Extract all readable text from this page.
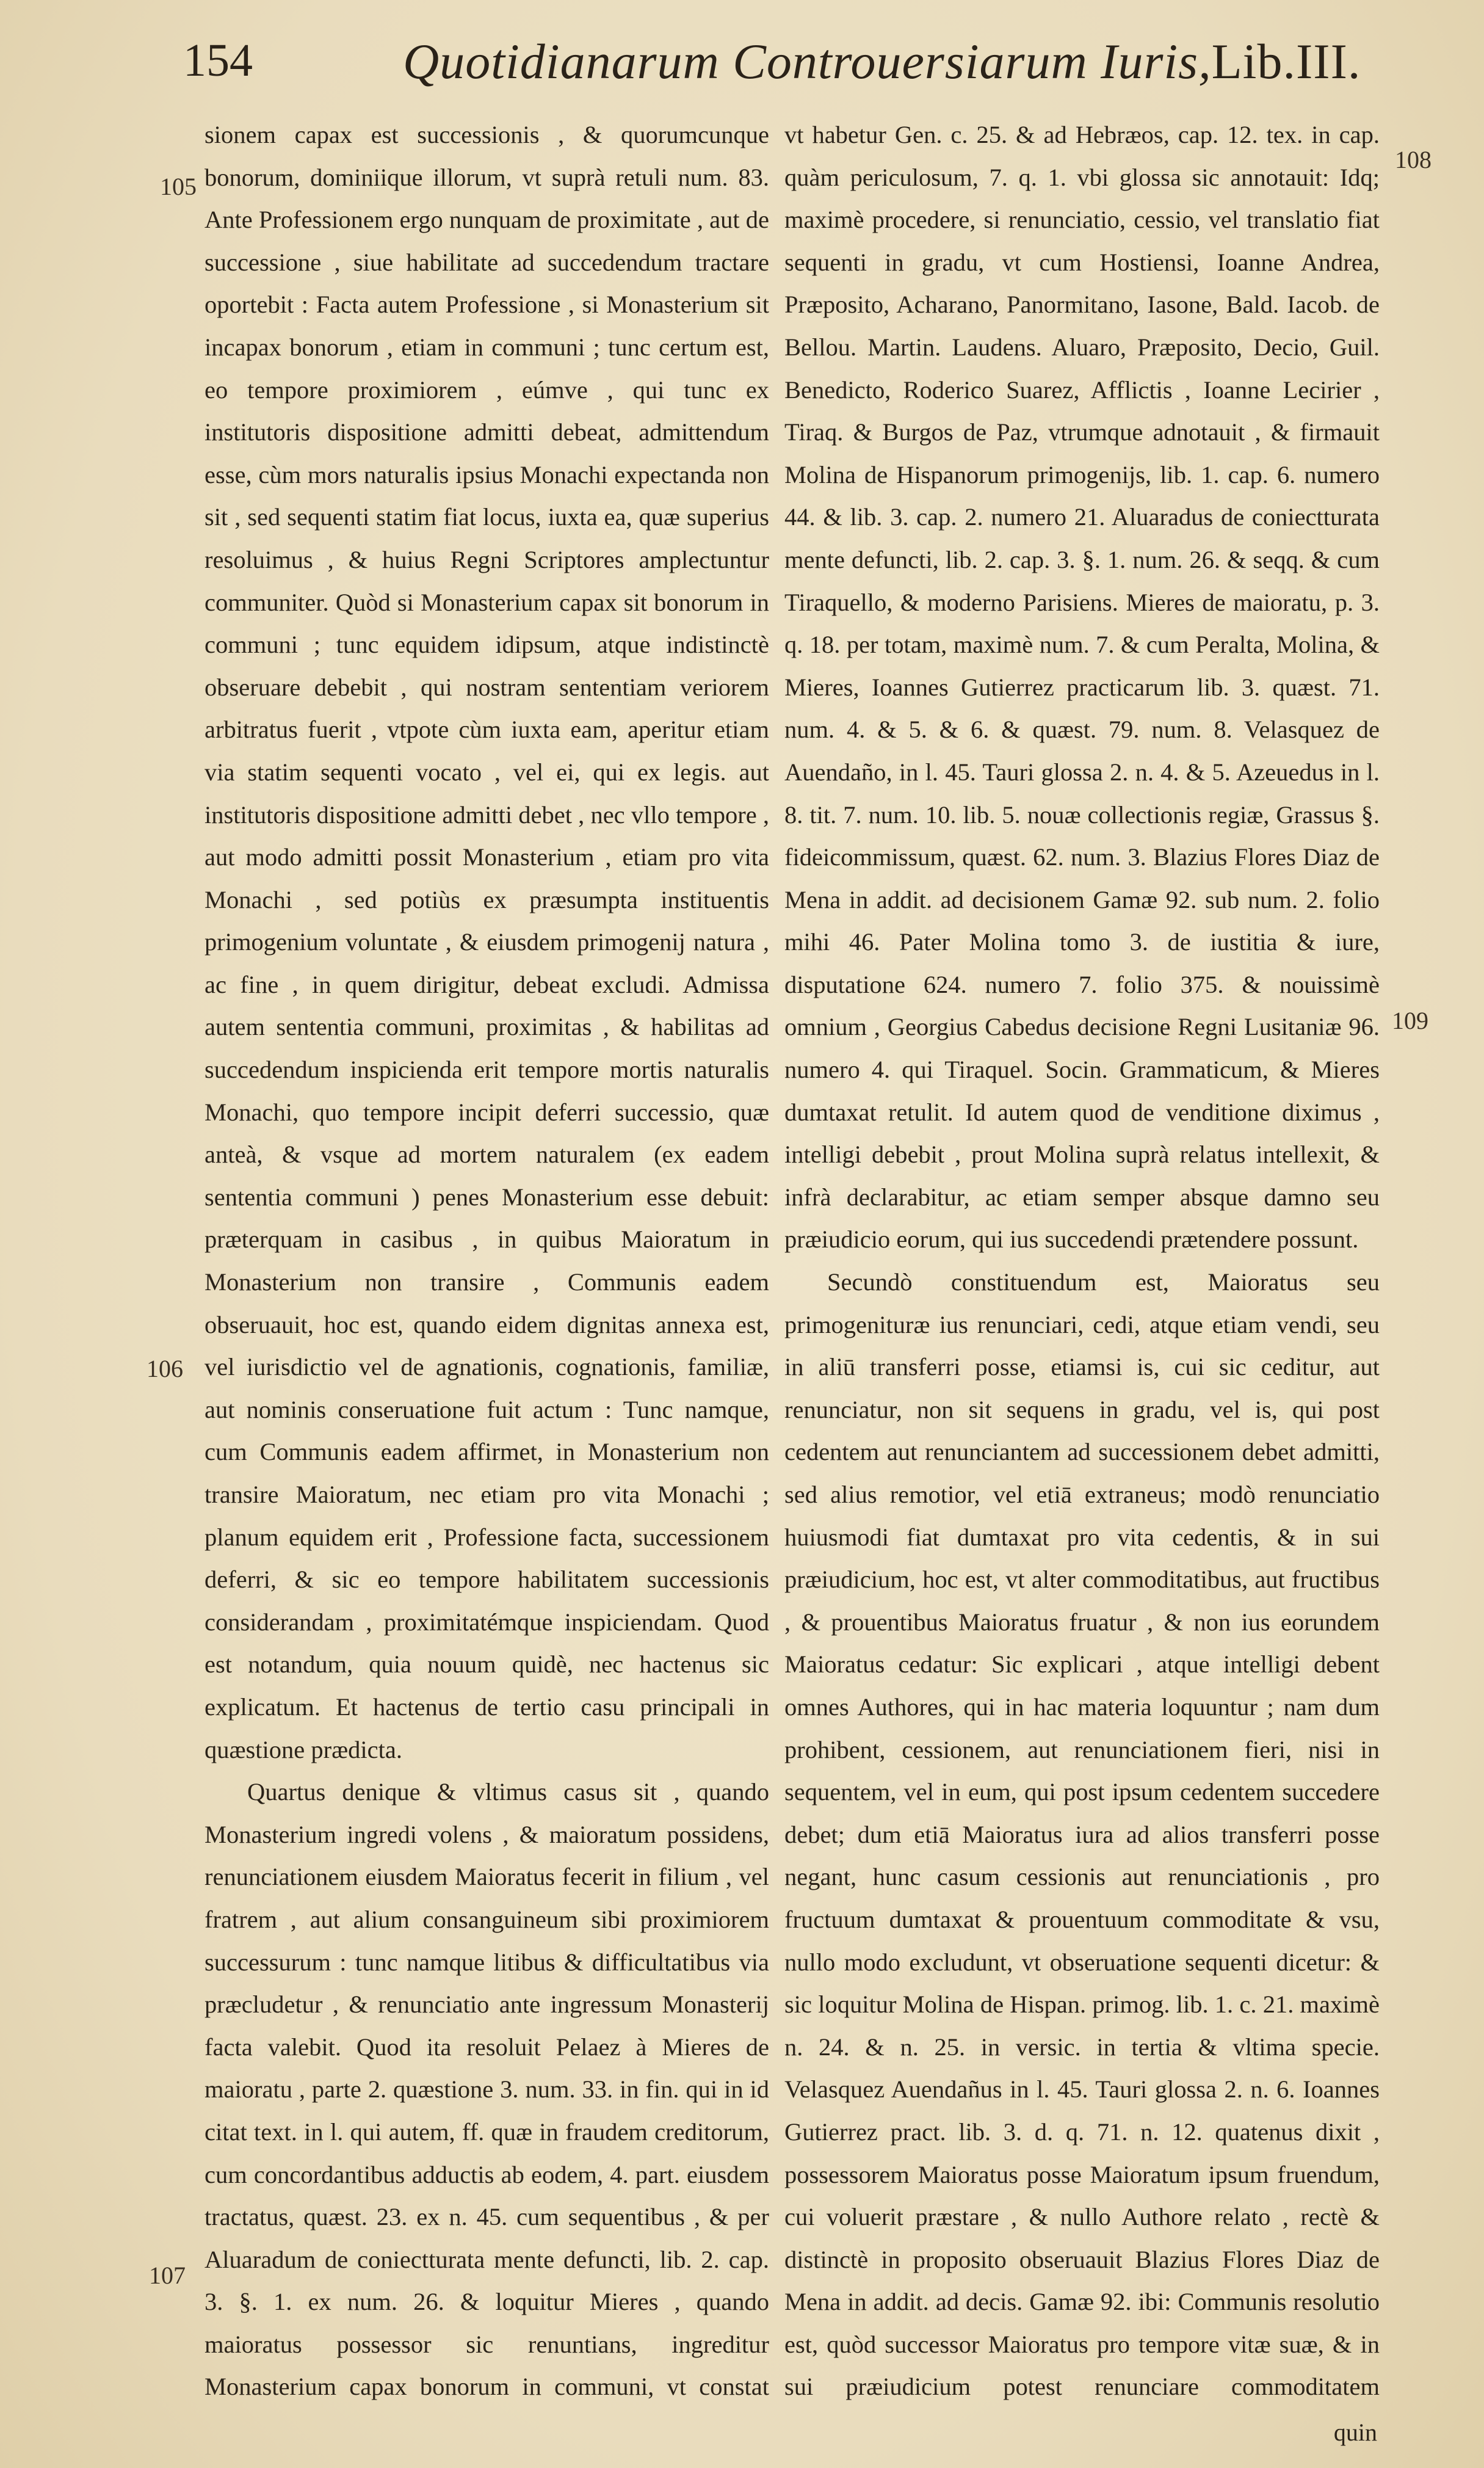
154	Quotidianarum Controuersiarum Iuris,Lib.III.
105
106
107
108
109

sionem capax est successionis , & quorumcunque bonorum, dominiique illorum, vt suprà retuli num. 83. Ante Professionem ergo nunquam de proximitate , aut de successione , siue habilitate ad succedendum tractare oportebit : Facta autem Professione , si Monasterium sit incapax bonorum , etiam in communi ; tunc certum est, eo tempore proximiorem , eúmve , qui tunc ex institutoris dispositione admitti debeat, admittendum esse, cùm mors naturalis ipsius Monachi expectanda non sit , sed sequenti statim fiat locus, iuxta ea, quæ superius resoluimus , & huius Regni Scriptores amplectuntur communiter. Quòd si Monasterium capax sit bonorum in communi ; tunc equidem idipsum, atque indistinctè obseruare debebit , qui nostram sententiam veriorem arbitratus fuerit , vtpote cùm iuxta eam, aperitur etiam via statim sequenti vocato , vel ei, qui ex legis. aut institutoris dispositione admitti debet , nec vllo tempore , aut modo admitti possit Monasterium , etiam pro vita Monachi , sed potiùs ex præsumpta instituentis primogenium voluntate , & eiusdem primogenij natura , ac fine , in quem dirigitur, debeat excludi. Admissa autem sententia communi, proximitas , & habilitas ad succedendum inspicienda erit tempore mortis naturalis Monachi, quo tempore incipit deferri successio, quæ anteà, & vsque ad mortem naturalem (ex eadem sententia communi ) penes Monasterium esse debuit: præterquam in casibus , in quibus Maioratum in Monasterium non transire , Communis eadem obseruauit, hoc est, quando eidem dignitas annexa est, vel iurisdictio vel de agnationis, cognationis, familiæ, aut nominis conseruatione fuit actum : Tunc namque, cum Communis eadem affirmet, in Monasterium non transire Maioratum, nec etiam pro vita Monachi ; planum equidem erit , Professione facta, successionem deferri, & sic eo tempore habilitatem successionis considerandam , proximitatémque inspiciendam. Quod est notandum, quia nouum quidè, nec hactenus sic explicatum. Et hactenus de tertio casu principali in quæstione prædicta.

Quartus denique & vltimus casus sit , quando Monasterium ingredi volens , & maioratum possidens, renunciationem eiusdem Maioratus fecerit in filium , vel fratrem , aut alium consanguineum sibi proximiorem successurum : tunc namque litibus & difficultatibus via præcludetur , & renunciatio ante ingressum Monasterij facta valebit. Quod ita resoluit Pelaez à Mieres de maioratu , parte 2. quæstione 3. num. 33. in fin. qui in id citat text. in l. qui autem, ff. quæ in fraudem creditorum, cum concordantibus adductis ab eodem, 4. part. eiusdem tractatus, quæst. 23. ex n. 45. cum sequentibus , & per Aluaradum de coniectturata mente defuncti, lib. 2. cap. 3. §. 1. ex num. 26. & loquitur Mieres , quando maioratus possessor sic renuntians, ingreditur Monasterium capax bonorum in communi, vt constat

vt habetur Gen. c. 25. & ad Hebræos, cap. 12. tex. in cap. quàm periculosum, 7. q. 1. vbi glossa sic annotauit: Idq; maximè procedere, si renunciatio, cessio, vel translatio fiat sequenti in gradu, vt cum Hostiensi, Ioanne Andrea, Præposito, Acharano, Panormitano, Iasone, Bald. Iacob. de Bellou. Martin. Laudens. Aluaro, Præposito, Decio, Guil. Benedicto, Roderico Suarez, Afflictis , Ioanne Lecirier , Tiraq. & Burgos de Paz, vtrumque adnotauit , & firmauit Molina de Hispanorum primogenijs, lib. 1. cap. 6. numero 44. & lib. 3. cap. 2. numero 21. Aluaradus de coniectturata mente defuncti, lib. 2. cap. 3. §. 1. num. 26. & seqq. & cum Tiraquello, & moderno Parisiens. Mieres de maioratu, p. 3. q. 18. per totam, maximè num. 7. & cum Peralta, Molina, & Mieres, Ioannes Gutierrez practicarum lib. 3. quæst. 71. num. 4. & 5. & 6. & quæst. 79. num. 8. Velasquez de Auendaño, in l. 45. Tauri glossa 2. n. 4. & 5. Azeuedus in l. 8. tit. 7. num. 10. lib. 5. nouæ collectionis regiæ, Grassus §. fideicommissum, quæst. 62. num. 3. Blazius Flores Diaz de Mena in addit. ad decisionem Gamæ 92. sub num. 2. folio mihi 46. Pater Molina tomo 3. de iustitia & iure, disputatione 624. numero 7. folio 375. & nouissimè omnium , Georgius Cabedus decisione Regni Lusitaniæ 96. numero 4. qui Tiraquel. Socin. Grammaticum, & Mieres dumtaxat retulit. Id autem quod de venditione diximus , intelligi debebit , prout Molina suprà relatus intellexit, & infrà declarabitur, ac etiam semper absque damno seu præiudicio eorum, qui ius succedendi prætendere possunt.

Secundò constituendum est, Maioratus seu primogenituræ ius renunciari, cedi, atque etiam vendi, seu in aliū transferri posse, etiamsi is, cui sic ceditur, aut renunciatur, non sit sequens in gradu, vel is, qui post cedentem aut renunciantem ad successionem debet admitti, sed alius remotior, vel etiā extraneus; modò renunciatio huiusmodi fiat dumtaxat pro vita cedentis, & in sui præiudicium, hoc est, vt alter commoditatibus, aut fructibus , & prouentibus Maioratus fruatur , & non ius eorundem Maioratus cedatur: Sic explicari , atque intelligi debent omnes Authores, qui in hac materia loquuntur ; nam dum prohibent, cessionem, aut renunciationem fieri, nisi in sequentem, vel in eum, qui post ipsum cedentem succedere debet; dum etiā Maioratus iura ad alios transferri posse negant, hunc casum cessionis aut renunciationis , pro fructuum dumtaxat & prouentuum commoditate & vsu, nullo modo excludunt, vt obseruatione sequenti dicetur: & sic loquitur Molina de Hispan. primog. lib. 1. c. 21. maximè n. 24. & n. 25. in versic. in tertia & vltima specie. Velasquez Auendañus in l. 45. Tauri glossa 2. n. 6. Ioannes Gutierrez pract. lib. 3. d. q. 71. n. 12. quatenus dixit , possessorem Maioratus posse Maioratum ipsum fruendum, cui voluerit præstare , & nullo Authore relato , rectè & distinctè in proposito obseruauit Blazius Flores Diaz de Mena in addit. ad decis. Gamæ 92. ibi: Communis resolutio est, quòd successor Maioratus pro tempore vitæ suæ, & in sui præiudicium potest renunciare commoditatem

quin
